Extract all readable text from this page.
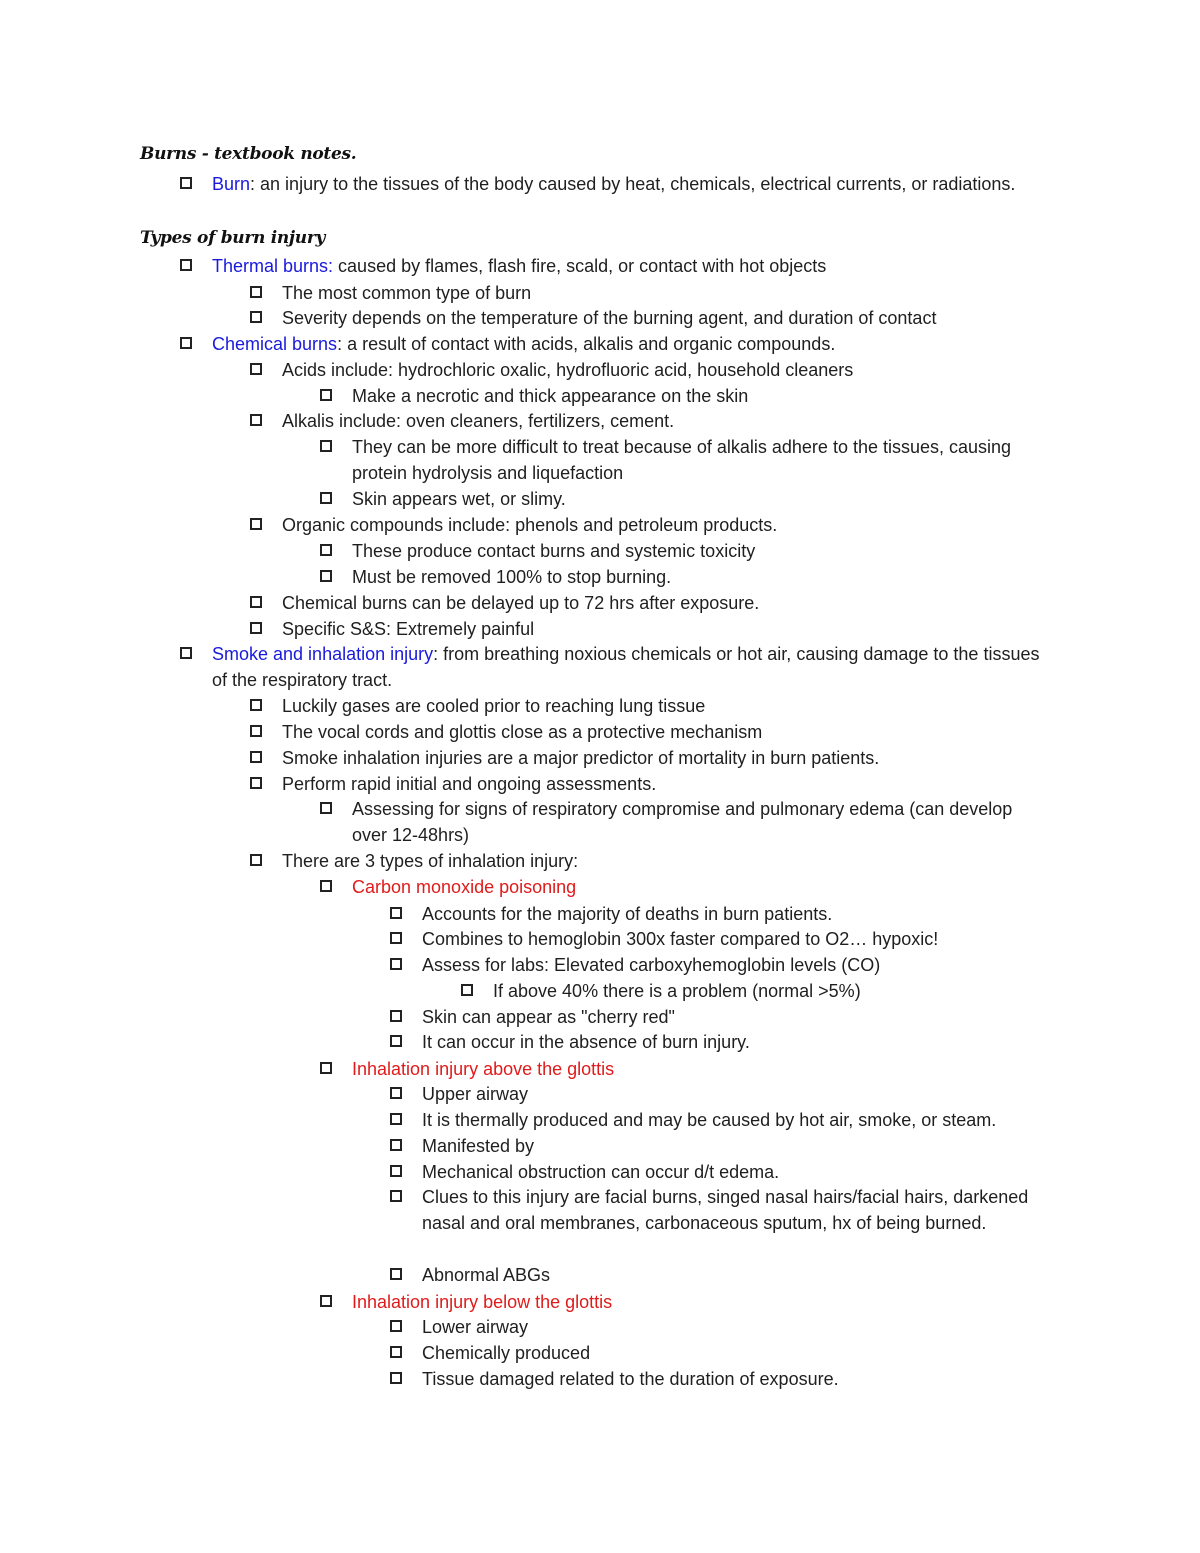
Burns - textbook notes.
Burn: an injury to the tissues of the body caused by heat, chemicals, electrical currents, or radiations.
Types of burn injury
Thermal burns: caused by flames, flash fire, scald, or contact with hot objects
The most common type of burn
Severity depends on the temperature of the burning agent, and duration of contact
Chemical burns: a result of contact with acids, alkalis and organic compounds.
Acids include: hydrochloric oxalic, hydrofluoric acid, household cleaners
Make a necrotic and thick appearance on the skin
Alkalis include: oven cleaners, fertilizers, cement.
They can be more difficult to treat because of alkalis adhere to the tissues, causing protein hydrolysis and liquefaction
Skin appears wet, or slimy.
Organic compounds include: phenols and petroleum products.
These produce contact burns and systemic toxicity
Must be removed 100% to stop burning.
Chemical burns can be delayed up to 72 hrs after exposure.
Specific S&S: Extremely painful
Smoke and inhalation injury: from breathing noxious chemicals or hot air, causing damage to the tissues of the respiratory tract.
Luckily gases are cooled prior to reaching lung tissue
The vocal cords and glottis close as a protective mechanism
Smoke inhalation injuries are a major predictor of mortality in burn patients.
Perform rapid initial and ongoing assessments.
Assessing for signs of respiratory compromise and pulmonary edema (can develop over 12-48hrs)
There are 3 types of inhalation injury:
Carbon monoxide poisoning
Accounts for the majority of deaths in burn patients.
Combines to hemoglobin 300x faster compared to O2… hypoxic!
Assess for labs: Elevated carboxyhemoglobin levels (CO)
If above 40% there is a problem (normal >5%)
Skin can appear as "cherry red"
It can occur in the absence of burn injury.
Inhalation injury above the glottis
Upper airway
It is thermally produced and may be caused by hot air, smoke, or steam.
Manifested by
Mechanical obstruction can occur d/t edema.
Clues to this injury are facial burns, singed nasal hairs/facial hairs, darkened nasal and oral membranes, carbonaceous sputum, hx of being burned.
Abnormal ABGs
Inhalation injury below the glottis
Lower airway
Chemically produced
Tissue damaged related to the duration of exposure.
